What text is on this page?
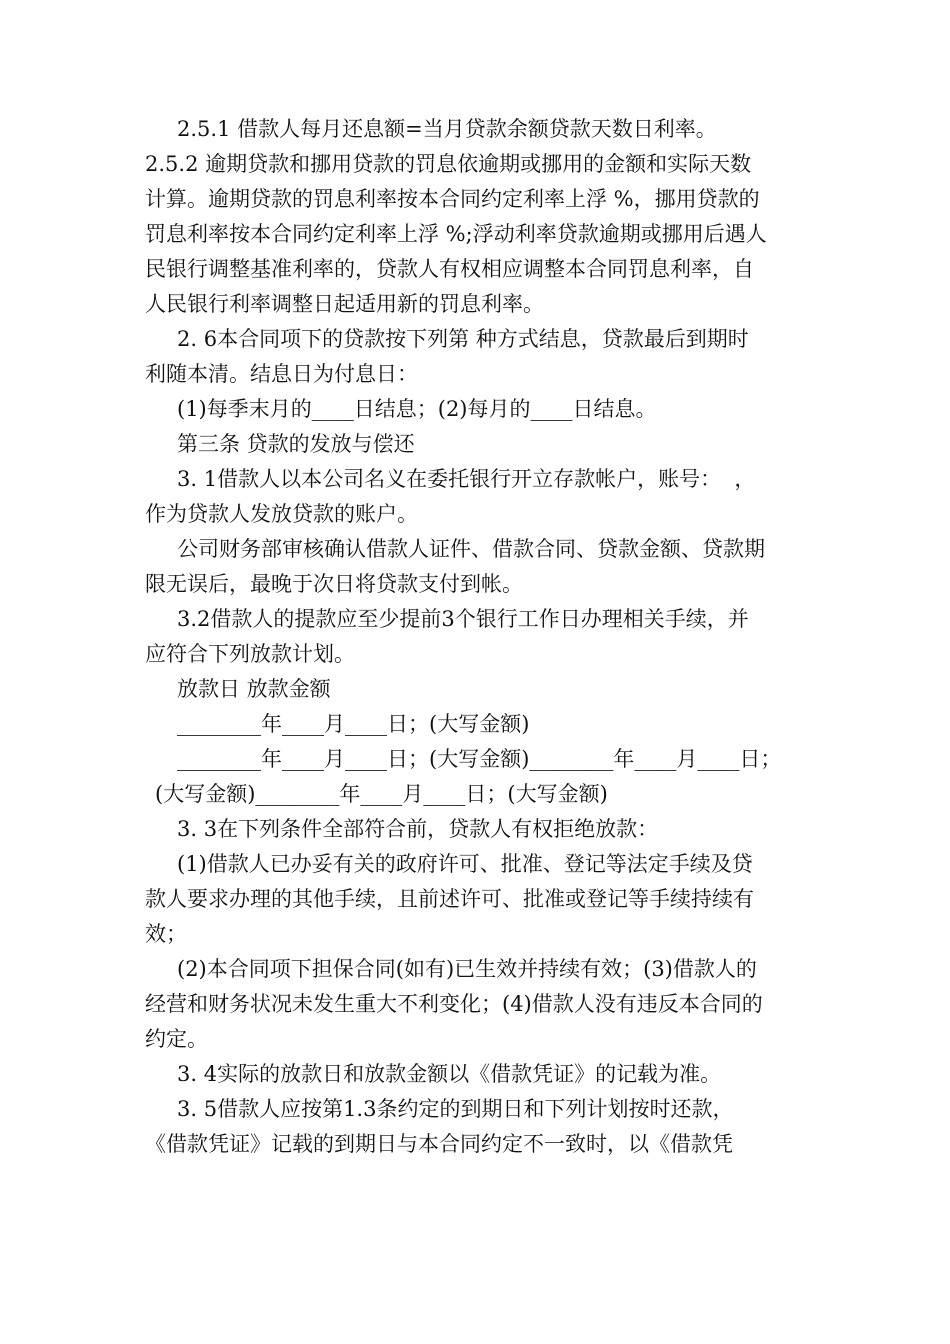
2.5.1 借款人每月还息额=当月贷款余额贷款天数日利率。
2.5.2 逾期贷款和挪用贷款的罚息依逾期或挪用的金额和实际天数
计算。逾期贷款的罚息利率按本合同约定利率上浮 %，挪用贷款的
罚息利率按本合同约定利率上浮 %;浮动利率贷款逾期或挪用后遇人
民银行调整基准利率的，贷款人有权相应调整本合同罚息利率，自
人民银行利率调整日起适用新的罚息利率。
2. 6本合同项下的贷款按下列第 种方式结息，贷款最后到期时
利随本清。结息日为付息日：
(1)每季末月的____日结息；(2)每月的____日结息。
第三条 贷款的发放与偿还
3. 1借款人以本公司名义在委托银行开立存款帐户，账号：  ，
作为贷款人发放贷款的账户。
公司财务部审核确认借款人证件、借款合同、贷款金额、贷款期
限无误后，最晚于次日将贷款支付到帐。
3.2借款人的提款应至少提前3个银行工作日办理相关手续，并
应符合下列放款计划。
放款日 放款金额
________年____月____日；(大写金额)
________年____月____日；(大写金额)________年____月____日；
(大写金额)________年____月____日；(大写金额)
3. 3在下列条件全部符合前，贷款人有权拒绝放款：
(1)借款人已办妥有关的政府许可、批准、登记等法定手续及贷
款人要求办理的其他手续，且前述许可、批准或登记等手续持续有
效；
(2)本合同项下担保合同(如有)已生效并持续有效；(3)借款人的
经营和财务状况未发生重大不利变化；(4)借款人没有违反本合同的
约定。
3. 4实际的放款日和放款金额以《借款凭证》的记载为准。
3. 5借款人应按第1.3条约定的到期日和下列计划按时还款，
《借款凭证》记载的到期日与本合同约定不一致时，以《借款凭
